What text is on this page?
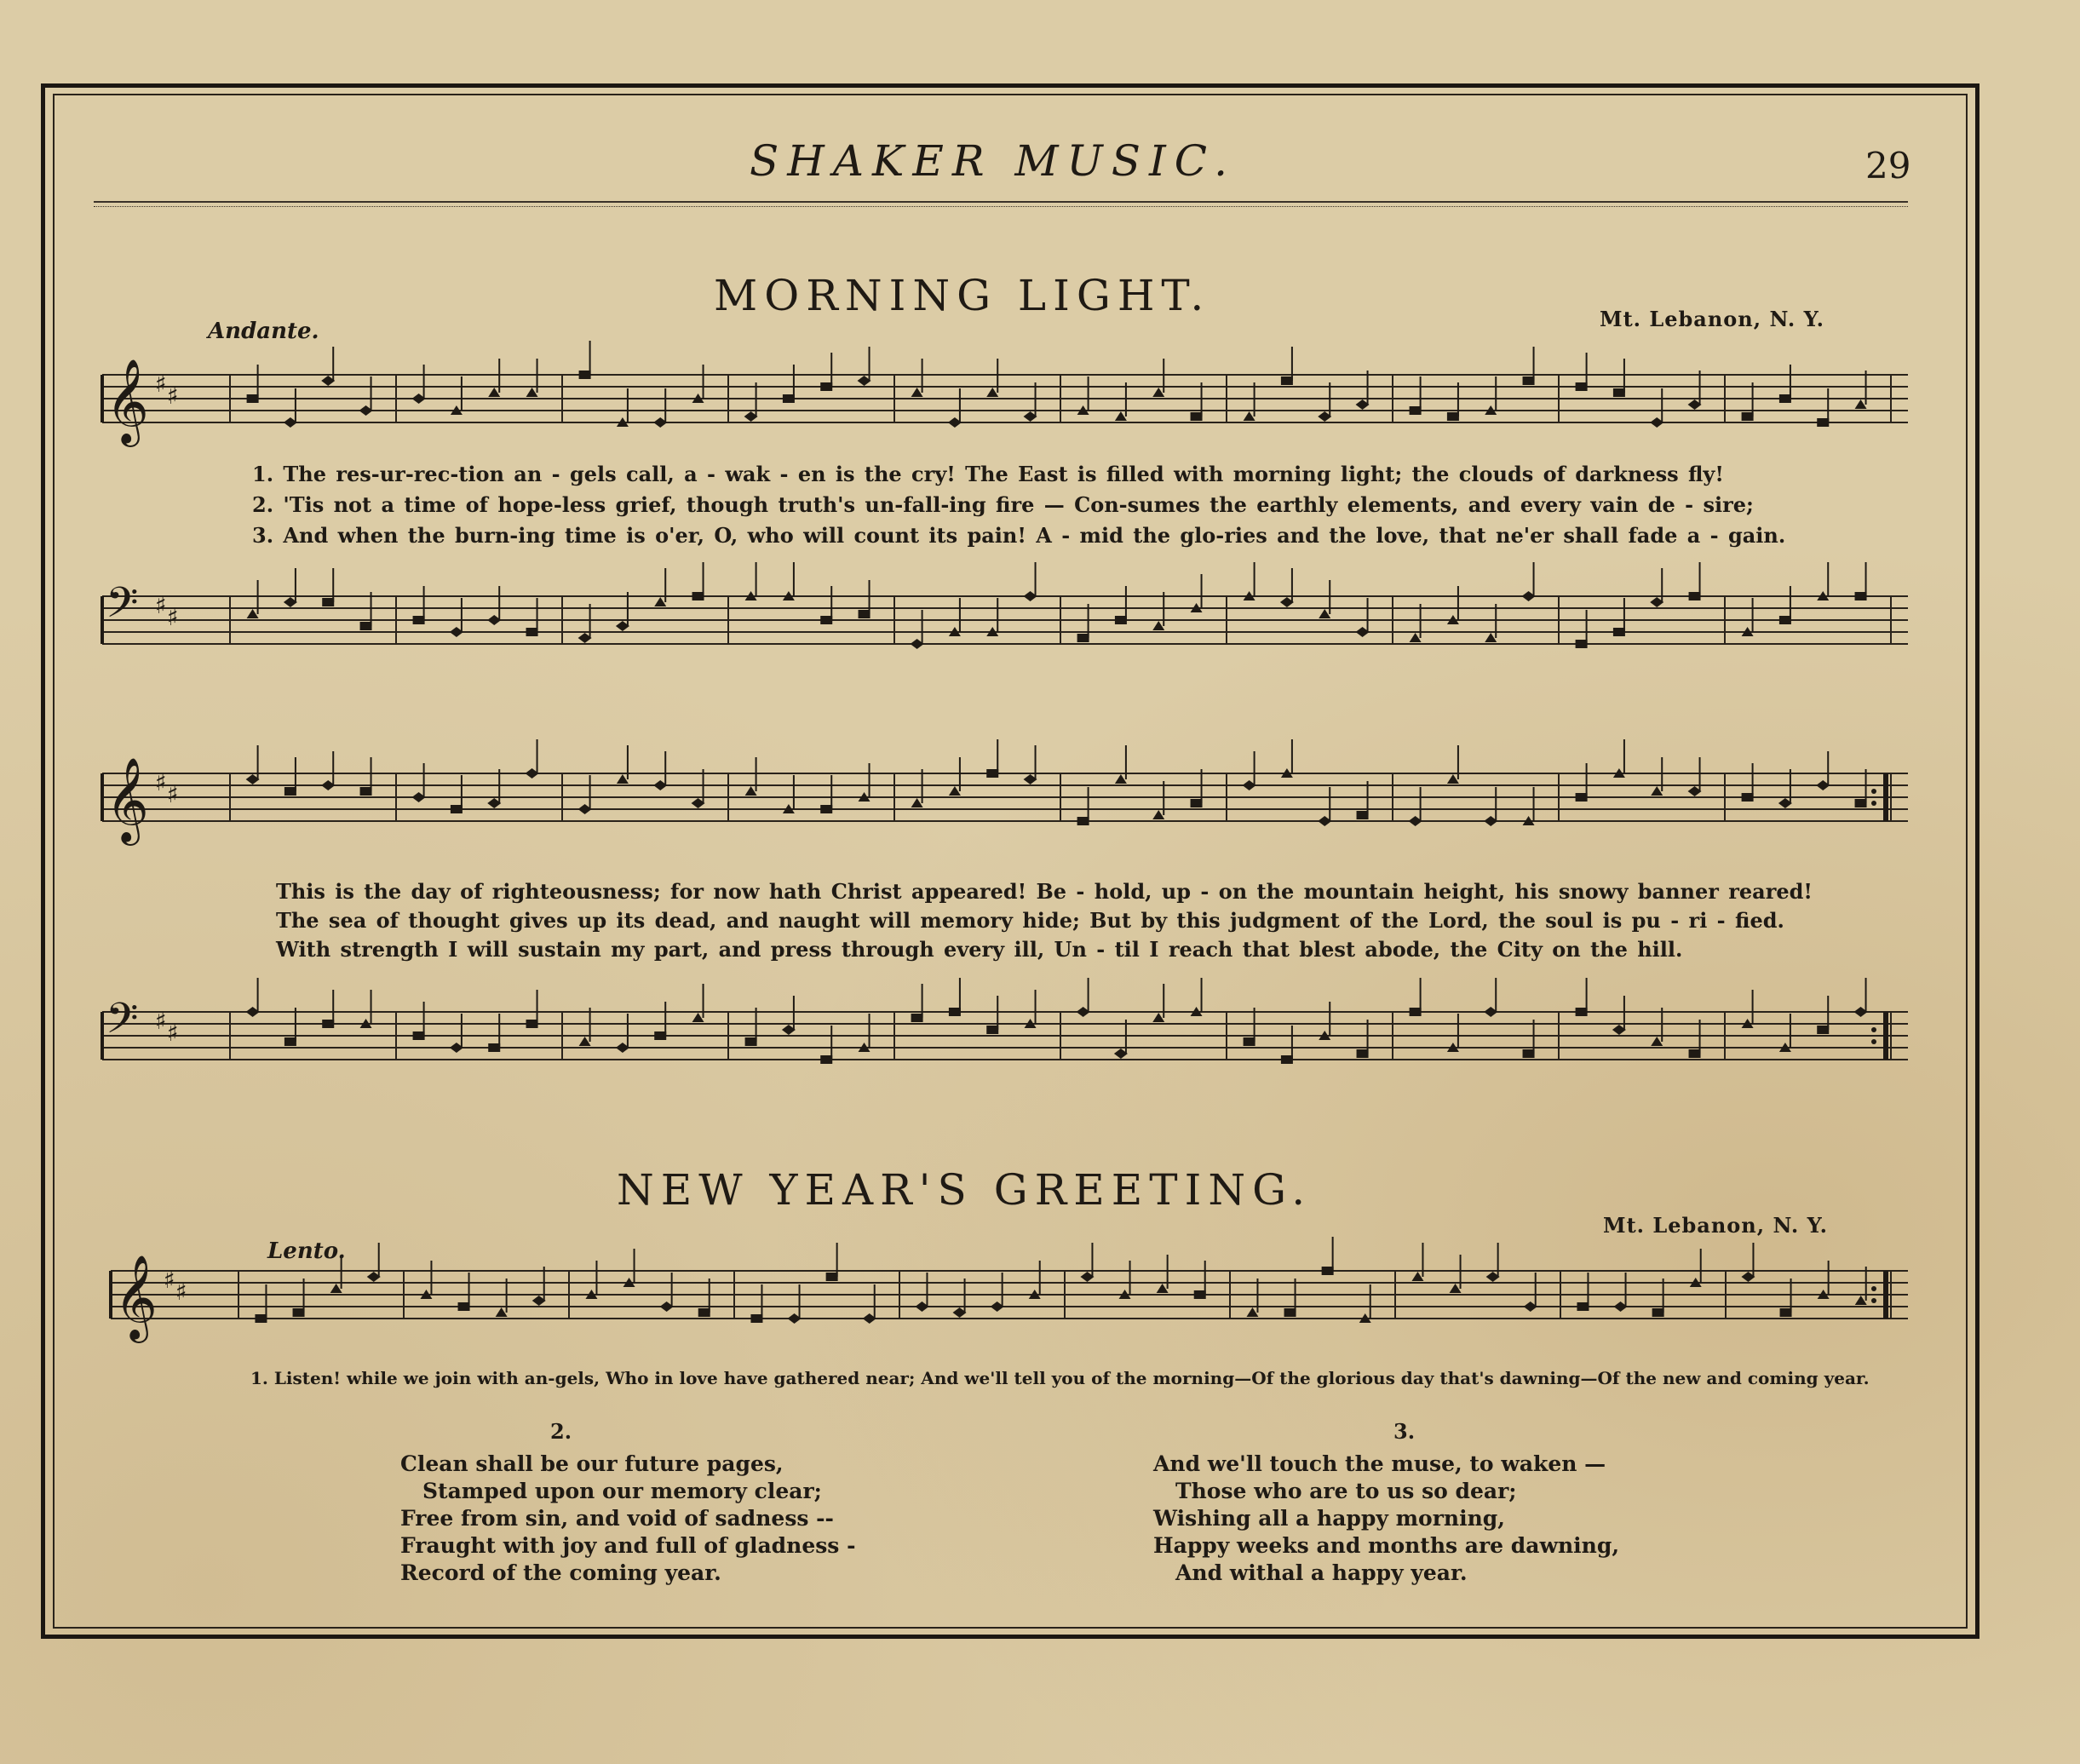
SHAKER MUSIC.	29
MORNING LIGHT.	Mt. Lebanon, N. Y.
Andante.
𝄞 ♯ ♯
1. The res-ur-rec-tion an - gels call, a - wak - en is the cry! The East is filled with morning light; the clouds of darkness fly!
2. 'Tis not a time of hope-less grief, though truth's un-fall-ing fire — Con-sumes the earthly elements, and every vain de - sire;
3. And when the burn-ing time is o'er, O, who will count its pain! A - mid the glo-ries and the love, that ne'er shall fade a - gain.
𝄢 ♯ ♯
𝄞 ♯ ♯
This is the day of righteousness; for now hath Christ appeared! Be - hold, up - on the mountain height, his snowy banner reared!
The sea of thought gives up its dead, and naught will memory hide; But by this judgment of the Lord, the soul is pu - ri - fied.
With strength I will sustain my part, and press through every ill, Un - til I reach that blest abode, the City on the hill.
𝄢 ♯ ♯
NEW YEAR'S GREETING.
Mt. Lebanon, N. Y.
Lento.
𝄞 ♯ ♯
1. Listen! while we join with an-gels, Who in love have gathered near; And we'll tell you of the morning—Of the glorious day that's dawning—Of the new and coming year.
2.
Clean shall be our future pages,
Stamped upon our memory clear;
Free from sin, and void of sadness --
Fraught with joy and full of gladness -
Record of the coming year.
3.
And we'll touch the muse, to waken —
Those who are to us so dear;
Wishing all a happy morning,
Happy weeks and months are dawning,
And withal a happy year.
